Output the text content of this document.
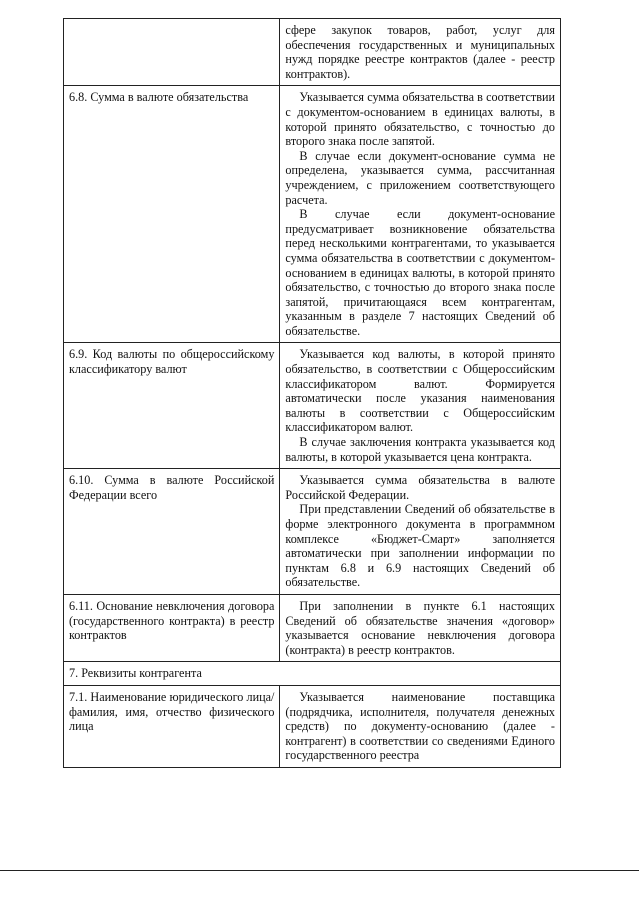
	сфере закупок товаров, работ, услуг для обеспечения государственных и муниципальных нужд порядке реестре контрактов (далее - реестр контрактов).

6.8. Сумма в валюте обязательства	Указывается сумма обязательства в соответствии с документом-основанием в единицах валюты, в которой принято обязательство, с точностью до второго знака после запятой.

В случае если документ-основание сумма не определена, указывается сумма, рассчитанная учреждением, с приложением соответствующего расчета.

В случае если документ-основание предусматривает возникновение обязательства перед несколькими контрагентами, то указывается сумма обязательства в соответствии с документом-основанием в единицах валюты, в которой принято обязательство, с точностью до второго знака после запятой, причитающаяся всем контрагентам, указанным в разделе 7 настоящих Сведений об обязательстве.

6.9. Код валюты по общероссийскому классификатору валют	Указывается код валюты, в которой принято обязательство, в соответствии с Общероссийским классификатором валют. Формируется автоматически после указания наименования валюты в соответствии с Общероссийским классификатором валют.

В случае заключения контракта указывается код валюты, в которой указывается цена контракта.

6.10. Сумма в валюте Российской Федерации всего	Указывается сумма обязательства в валюте Российской Федерации.

При представлении Сведений об обязательстве в форме электронного документа в программном комплексе «Бюджет-Смарт» заполняется автоматически при заполнении информации по пунктам 6.8 и 6.9 настоящих Сведений об обязательстве.

6.11. Основание невключения договора (государственного контракта) в реестр контрактов	При заполнении в пункте 6.1 настоящих Сведений об обязательстве значения «договор» указывается основание невключения договора (контракта) в реестр контрактов.

7. Реквизиты контрагента	
7.1. Наименование юридического лица/фамилия, имя, отчество физического лица	Указывается наименование поставщика (подрядчика, исполнителя, получателя денежных средств) по документу-основанию (далее - контрагент) в соответствии со сведениями Единого государственного реестра
